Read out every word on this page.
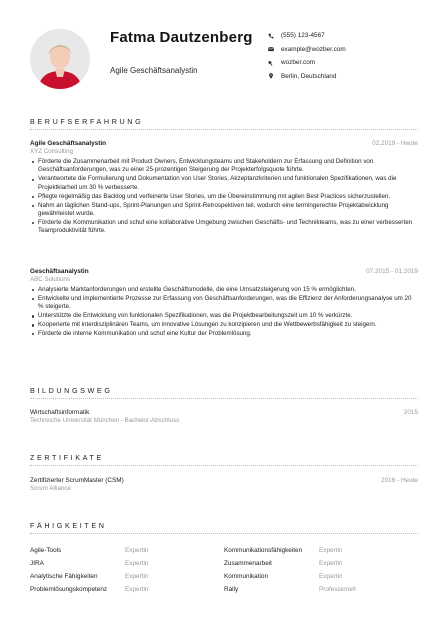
Fatma Dautzenberg
Agile Geschäftsanalystin
(555) 123-4567
example@wozber.com
wozber.com
Berlin, Deutschland
BERUFSERFAHRUNG
Agile Geschäftsanalystin	02.2019 - Heute
XYZ Consulting
Förderte die Zusammenarbeit mit Product Owners, Entwicklungsteams und Stakeholdern zur Erfassung und Definition von Geschäftsanforderungen, was zu einer 25-prozentigen Steigerung der Projekterfolgsquote führte.
Verantwortete die Formulierung und Dokumentation von User Stories, Akzeptanzkriterien und funktionalen Spezifikationen, was die Projektklarheit um 30 % verbesserte.
Pflegte regelmäßig das Backlog und verfeinerte User Stories, um die Übereinstimmung mit agilen Best Practices sicherzustellen.
Nahm an täglichen Stand-ups, Sprint-Planungen und Sprint-Retrospektiven teil, wodurch eine termingerechte Projektabwicklung gewährleistet wurde.
Förderte die Kommunikation und schuf eine kollaborative Umgebung zwischen Geschäfts- und Technikteams, was zu einer verbesserten Teamproduktivität führte.
Geschäftsanalystin	07.2015 - 01.2019
ABC Solutions
Analysierte Marktanforderungen und erstellte Geschäftsmodelle, die eine Umsatzsteigerung von 15 % ermöglichten.
Entwickelte und implementierte Prozesse zur Erfassung von Geschäftsanforderungen, was die Effizienz der Anforderungsanalyse um 20 % steigerte.
Unterstützte die Entwicklung von funktionalen Spezifikationen, was die Projektbearbeitungszeit um 10 % verkürzte.
Kooperierte mit interdisziplinären Teams, um innovative Lösungen zu konzipieren und die Wettbewerbsfähigkeit zu steigern.
Förderte die interne Kommunikation und schuf eine Kultur der Problemlösung.
BILDUNGSWEG
Wirtschaftsinformatik	2015
Technische Universität München - Bachelor-Abschluss
ZERTIFIKATE
Zertifizierter ScrumMaster (CSM)	2016 - Heute
Scrum Alliance
FÄHIGKEITEN
Agile-Tools	Expertin	Kommunikationsfähigkeiten	Expertin
JIRA	Expertin	Zusammenarbeit	Expertin
Analytische Fähigkeiten	Expertin	Kommunikation	Expertin
Problemlösungskompetenz	Expertin	Rally	Professionell
